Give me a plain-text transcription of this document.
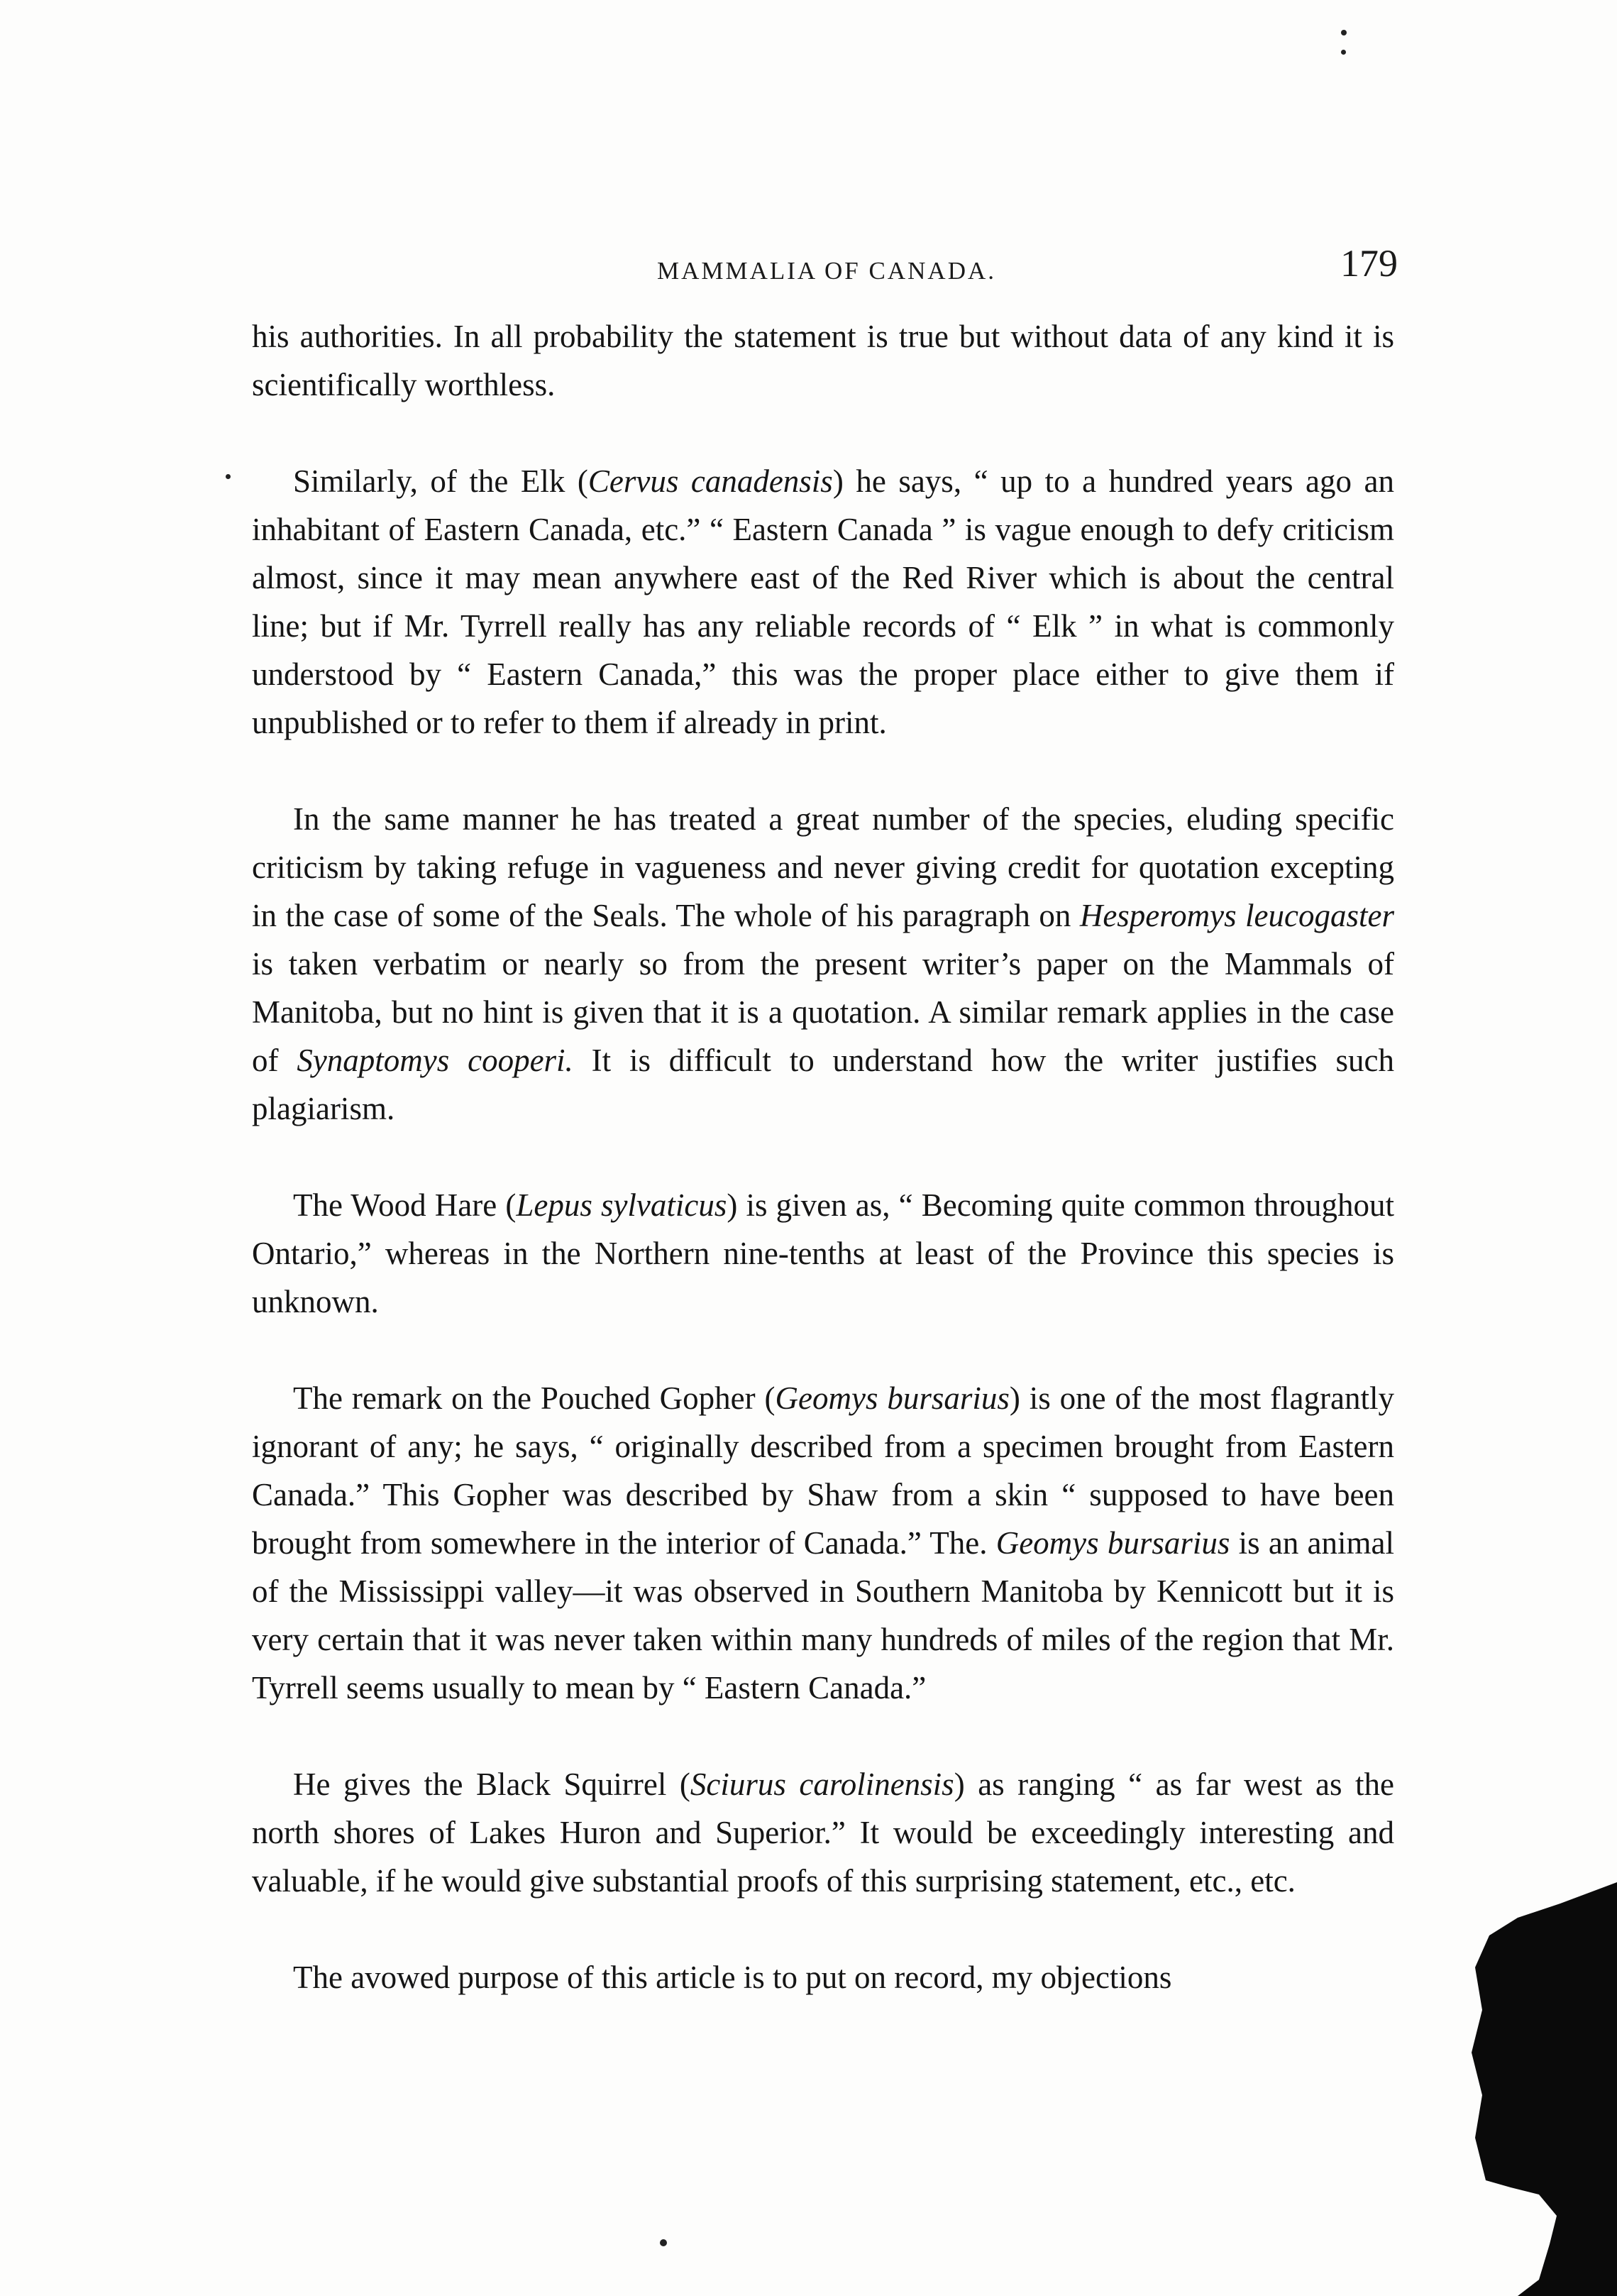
MAMMALIA OF CANADA.	179

his authorities. In all probability the statement is true but without data of any kind it is scientifically worthless.

Similarly, of the Elk (Cervus canadensis) he says, “ up to a hundred years ago an inhabitant of Eastern Canada, etc.” “ Eastern Canada ” is vague enough to defy criticism almost, since it may mean anywhere east of the Red River which is about the central line; but if Mr. Tyrrell really has any reliable records of “ Elk ” in what is commonly understood by “ Eastern Canada,” this was the proper place either to give them if unpublished or to refer to them if already in print.

In the same manner he has treated a great number of the species, eluding specific criticism by taking refuge in vagueness and never giving credit for quotation excepting in the case of some of the Seals. The whole of his paragraph on Hesperomys leucogaster is taken verbatim or nearly so from the present writer’s paper on the Mammals of Manitoba, but no hint is given that it is a quotation. A similar remark applies in the case of Synaptomys cooperi. It is difficult to understand how the writer justifies such plagiarism.

The Wood Hare (Lepus sylvaticus) is given as, “ Becoming quite common throughout Ontario,” whereas in the Northern nine-tenths at least of the Province this species is unknown.

The remark on the Pouched Gopher (Geomys bursarius) is one of the most flagrantly ignorant of any; he says, “ originally described from a specimen brought from Eastern Canada.” This Gopher was described by Shaw from a skin “ supposed to have been brought from somewhere in the interior of Canada.” The. Geomys bursarius is an animal of the Mississippi valley—it was observed in Southern Manitoba by Kennicott but it is very certain that it was never taken within many hundreds of miles of the region that Mr. Tyrrell seems usually to mean by “ Eastern Canada.”

He gives the Black Squirrel (Sciurus carolinensis) as ranging “ as far west as the north shores of Lakes Huron and Superior.” It would be exceedingly interesting and valuable, if he would give substantial proofs of this surprising statement, etc., etc.

The avowed purpose of this article is to put on record, my objections
